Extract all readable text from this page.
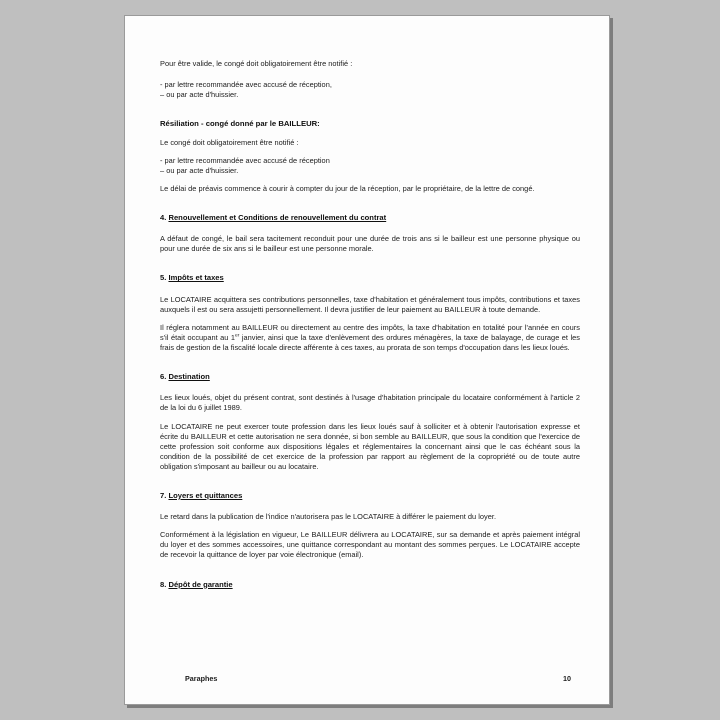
Pour être valide, le congé doit obligatoirement être notifié :

- par lettre recommandée avec accusé de réception,

– ou par acte d'huissier.

Résiliation - congé donné par le BAILLEUR:

Le congé doit obligatoirement être notifié :

- par lettre recommandée avec accusé de réception

– ou par acte d'huissier.

Le délai de préavis commence à courir à compter du jour de la réception, par le propriétaire, de la lettre de congé.

4. Renouvellement et Conditions de renouvellement du contrat

A défaut de congé, le bail sera tacitement reconduit pour une durée de trois ans si le bailleur est une personne physique ou pour une durée de six ans si le bailleur est une personne morale.

5. Impôts et taxes

Le LOCATAIRE acquittera ses contributions personnelles, taxe d'habitation et généralement tous impôts, contributions et taxes auxquels il est ou sera assujetti personnellement. Il devra justifier de leur paiement au BAILLEUR à toute demande.

Il réglera notamment au BAILLEUR ou directement au centre des impôts, la taxe d'habitation en totalité pour l'année en cours s'il était occupant au 1er janvier, ainsi que la taxe d'enlèvement des ordures ménagères, la taxe de balayage, de curage et les frais de gestion de la fiscalité locale directe afférente à ces taxes, au prorata de son temps d'occupation dans les lieux loués.

6. Destination

Les lieux loués, objet du présent contrat, sont destinés à l'usage d'habitation principale du locataire conformément à l'article 2 de la loi du 6 juillet 1989.

Le LOCATAIRE ne peut exercer toute profession dans les lieux loués sauf à solliciter et à obtenir l'autorisation expresse et écrite du BAILLEUR et cette autorisation ne sera donnée, si bon semble au BAILLEUR, que sous la condition que l'exercice de cette profession soit conforme aux dispositions légales et réglementaires la concernant ainsi que le cas échéant sous la condition de la possibilité de cet exercice de la profession par rapport au règlement de la copropriété ou de toute autre obligation s'imposant au bailleur ou au locataire.

7. Loyers et quittances

Le retard dans la publication de l'indice n'autorisera pas le LOCATAIRE à différer le paiement du loyer.

Conformément à la législation en vigueur, Le BAILLEUR délivrera au LOCATAIRE, sur sa demande et après paiement intégral du loyer et des sommes accessoires, une quittance correspondant au montant des sommes perçues. Le LOCATAIRE accepte de recevoir la quittance de loyer par voie électronique (email).

8. Dépôt de garantie
Paraphes	10
